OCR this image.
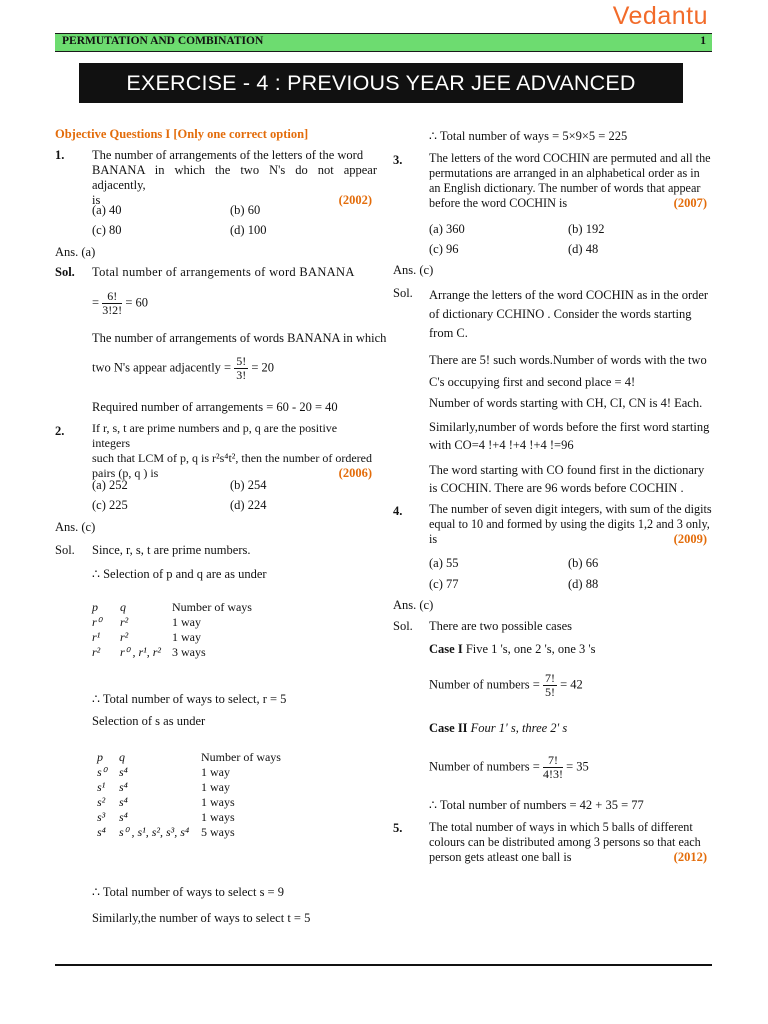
Vedantu
PERMUTATION AND COMBINATION	1
EXERCISE - 4 : PREVIOUS YEAR JEE ADVANCED QUESTIONS
Objective Questions I [Only one correct option]
1. The number of arrangements of the letters of the word
BANANA in which the two N's do not appear adjacently,
is	(2002)
(a) 40	(b) 60
(c) 80	(d) 100
Ans. (a)
Sol. Total number of arrangements of word BANANA
= $\frac{6!}{3!2!} = 60$
The number of arrangements of words BANANA in which
two N's appear adjacently = $\frac{5!}{3!} = 20$
Required number of arrangements = 60 - 20 = 40
2. If r, s, t are prime numbers and p, q are the positive integers
such that LCM of p, q is r²s⁴t², then the number of ordered
pairs (p, q ) is	(2006)
(a) 252	(b) 254
(c) 225	(d) 224
Ans. (c)
Sol. Since, r, s, t are prime numbers.
∴ Selection of p and q are as under
p	q	Number of ways
r⁰	r²	1 way
r¹	r²	1 way
r²	r⁰ , r¹, r²	3 ways
∴ Total number of ways to select, r = 5
Selection of s as under
p	q	Number of ways
s⁰	s⁴	1 way
s¹	s⁴	1 way
s²	s⁴	1 ways
s³	s⁴	1 ways
s⁴	s⁰ , s¹, s², s³, s⁴	5 ways
∴ Total number of ways to select s = 9
Similarly,the number of ways to select t = 5
∴ Total number of ways = 5×9×5 = 225
3. The letters of the word COCHIN are permuted and all the
permutations are arranged in an alphabetical order as in
an English dictionary. The number of words that appear
before the word COCHIN is	(2007)
(a) 360	(b) 192
(c) 96	(d) 48
Ans. (c)
Sol. Arrange the letters of the word COCHIN as in the order
of dictionary CCHINO . Consider the words starting
from C.
There are 5! such words.Number of words with the two
C's occupying first and second place = 4!
Number of words starting with CH, CI, CN is 4! Each.
Similarly,number of words before the first word starting
with CO=4 !+4 !+4 !+4 !=96
The word starting with CO found first in the dictionary
is COCHIN. There are 96 words before COCHIN .
4. The number of seven digit integers, with sum of the digits
equal to 10 and formed by using the digits 1,2 and 3 only,
is	(2009)
(a) 55	(b) 66
(c) 77	(d) 88
Ans. (c)
Sol. There are two possible cases
Case I Five 1 's, one 2 's, one 3 's
Number of numbers = $\frac{7!}{5!} = 42$
Case II Four 1' s, three 2' s
Number of numbers = $\frac{7!}{4!3!} = 35$
∴ Total number of numbers = 42 + 35 = 77
5. The total number of ways in which 5 balls of different
colours can be distributed among 3 persons so that each
person gets atleast one ball is	(2012)
